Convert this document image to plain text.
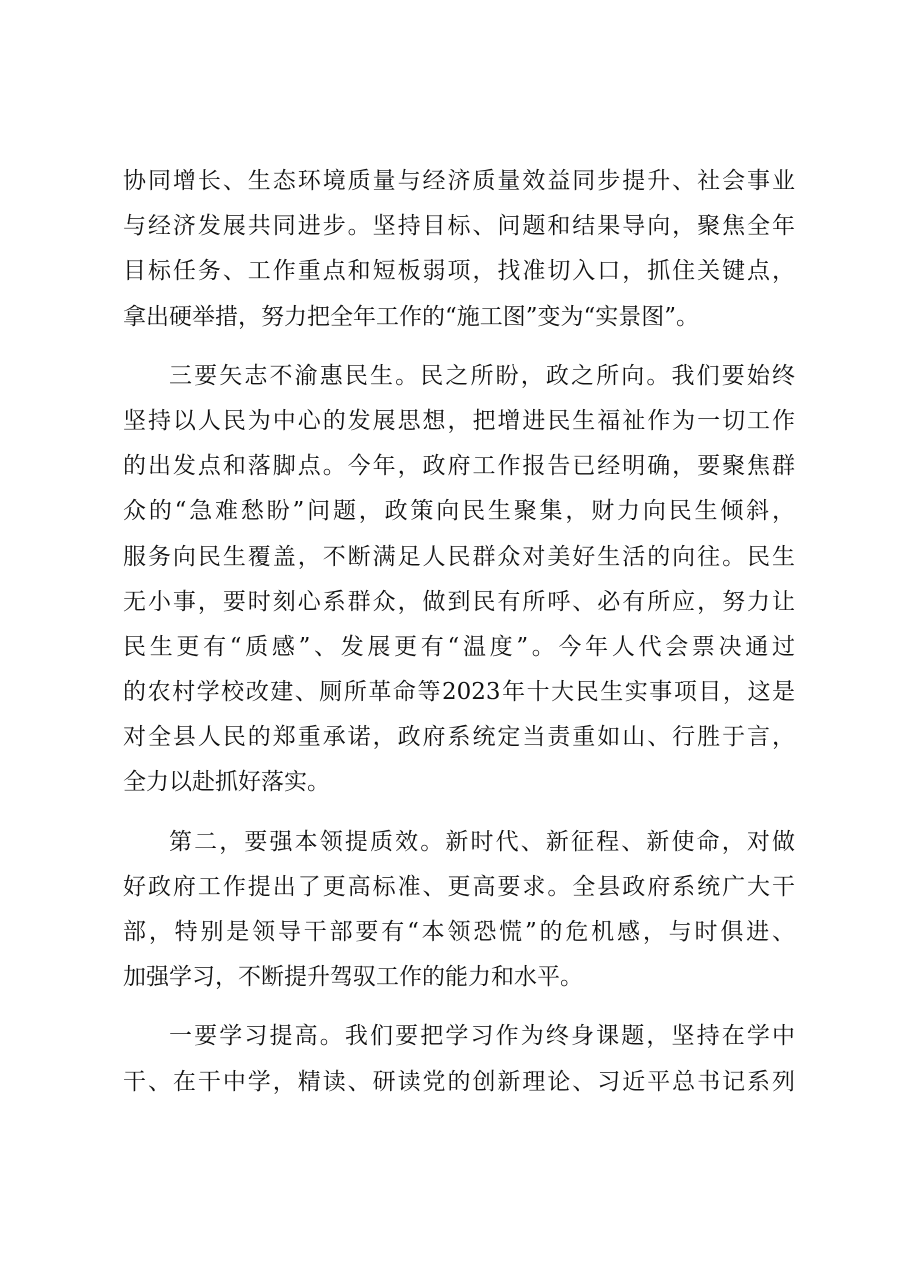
协同增长、生态环境质量与经济质量效益同步提升、社会事业
与经济发展共同进步。坚持目标、问题和结果导向，聚焦全年
目标任务、工作重点和短板弱项，找准切入口，抓住关键点，
拿出硬举措，努力把全年工作的“施工图”变为“实景图”。
三要矢志不渝惠民生。民之所盼，政之所向。我们要始终
坚持以人民为中心的发展思想，把增进民生福祉作为一切工作
的出发点和落脚点。今年，政府工作报告已经明确，要聚焦群
众的“急难愁盼”问题，政策向民生聚集，财力向民生倾斜，
服务向民生覆盖，不断满足人民群众对美好生活的向往。民生
无小事，要时刻心系群众，做到民有所呼、必有所应，努力让
民生更有“质感”、发展更有“温度”。今年人代会票决通过
的农村学校改建、厕所革命等2023年十大民生实事项目，这是
对全县人民的郑重承诺，政府系统定当责重如山、行胜于言，
全力以赴抓好落实。
第二，要强本领提质效。新时代、新征程、新使命，对做
好政府工作提出了更高标准、更高要求。全县政府系统广大干
部，特别是领导干部要有“本领恐慌”的危机感，与时俱进、
加强学习，不断提升驾驭工作的能力和水平。
一要学习提高。我们要把学习作为终身课题，坚持在学中
干、在干中学，精读、研读党的创新理论、习近平总书记系列
